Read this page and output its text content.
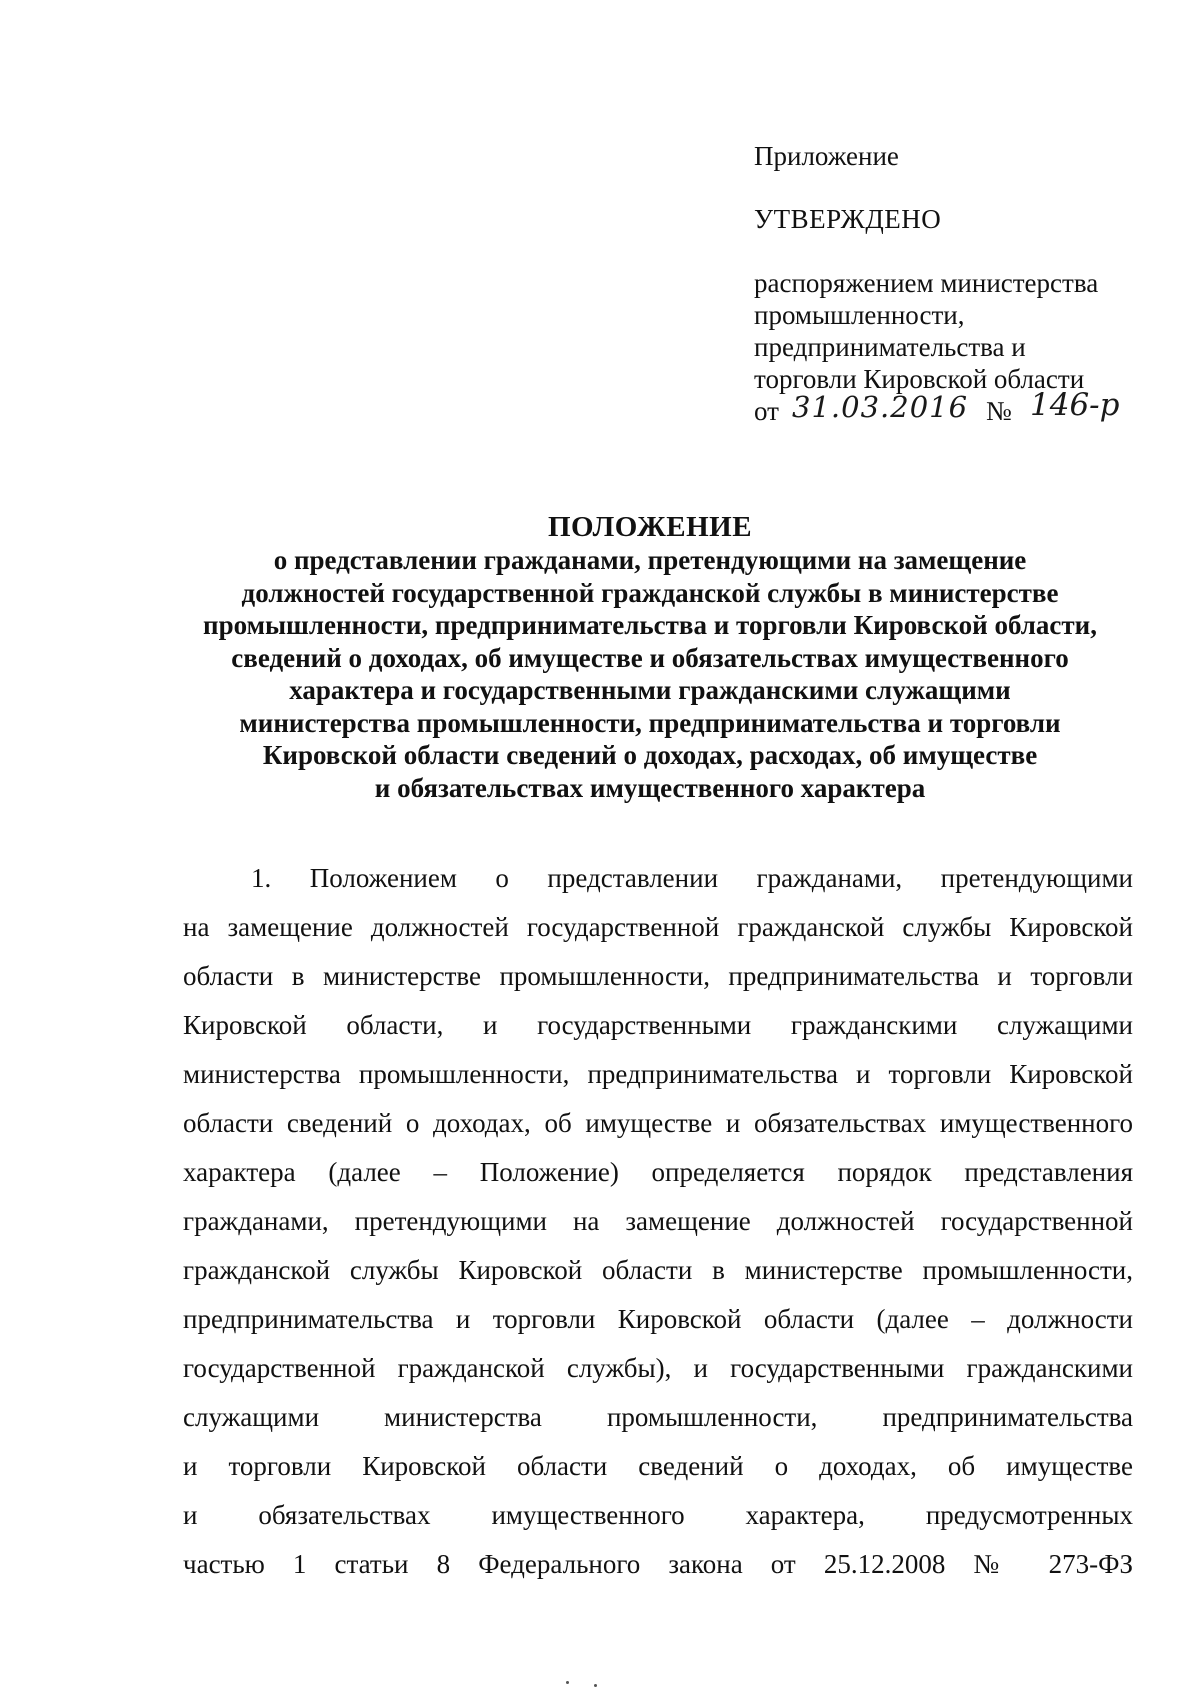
Приложение
УТВЕРЖДЕНО
распоряжением министерства
промышленности,
предпринимательства и
торговли Кировской области
от 31.03.2016 № 146-р
ПОЛОЖЕНИЕ
о представлении гражданами, претендующими на замещение
должностей государственной гражданской службы в министерстве
промышленности, предпринимательства и торговли Кировской области,
сведений о доходах, об имуществе и обязательствах имущественного
характера и государственными гражданскими служащими
министерства промышленности, предпринимательства и торговли
Кировской области сведений о доходах, расходах, об имуществе
и обязательствах имущественного характера
1. Положением о представлении гражданами, претендующими
на замещение должностей государственной гражданской службы Кировской
области в министерстве промышленности, предпринимательства и торговли
Кировской области, и государственными гражданскими служащими
министерства промышленности, предпринимательства и торговли Кировской
области сведений о доходах, об имуществе и обязательствах имущественного
характера (далее – Положение) определяется порядок представления
гражданами, претендующими на замещение должностей государственной
гражданской службы Кировской области в министерстве промышленности,
предпринимательства и торговли Кировской области (далее – должности
государственной гражданской службы), и государственными гражданскими
служащими министерства промышленности, предпринимательства
и торговли Кировской области сведений о доходах, об имуществе
и обязательствах имущественного характера, предусмотренных
частью 1 статьи 8 Федерального закона от 25.12.2008 № 273-ФЗ
